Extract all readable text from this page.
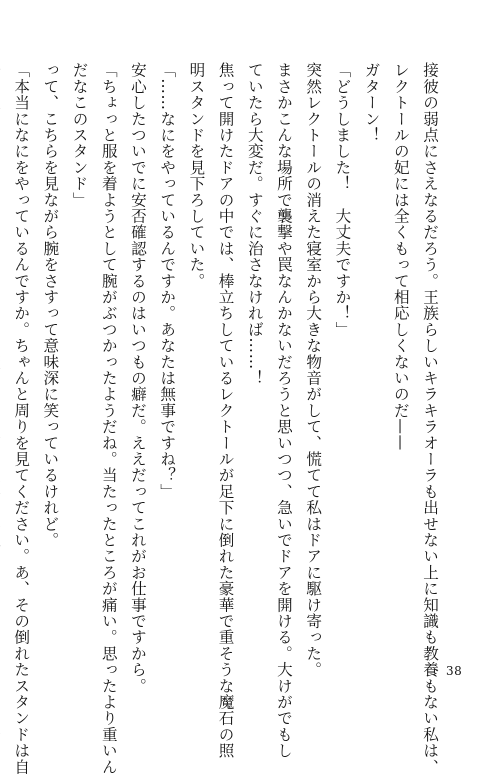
接彼の弱点にさえなるだろう。王族らしいキラキラオーラも出せない上に知識も教養もない私は、
レクトールの妃には全くもって相応しくないのだ——
ガターン！
「どうしました！　大丈夫ですか！」
突然レクトールの消えた寝室から大きな物音がして、慌てて私はドアに駆け寄った。
まさかこんな場所で襲撃や罠なんかないだろうと思いつつ、急いでドアを開ける。大けがでもし
ていたら大変だ。すぐに治さなければ……！
焦って開けたドアの中では、棒立ちしているレクトールが足下に倒れた豪華で重そうな魔石の照
明スタンドを見下ろしていた。
「……なにをやっているんですか。あなたは無事ですね？」
安心したついでに安否確認するのはいつもの癖だ。ええだってこれがお仕事ですから。
「ちょっと服を着ようとして腕がぶつかったようだね。当たったところが痛い。思ったより重いん
だなこのスタンド」
って、こちらを見ながら腕をさすって意味深に笑っているけれど。
「本当になにをやっているんですか。ちゃんと周りを見てください。あ、その倒れたスタンドは自	38
